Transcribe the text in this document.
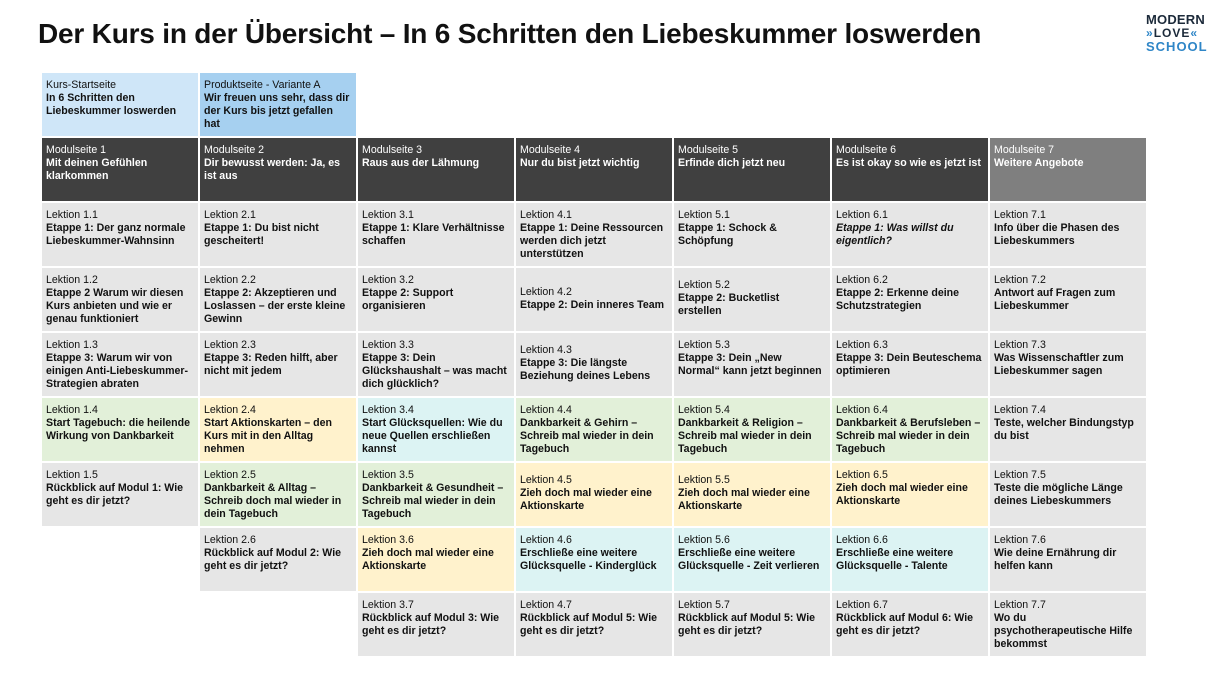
Der Kurs in der Übersicht – In 6 Schritten den Liebeskummer loswerden	MODERN
»LOVE«
SCHOOL
Kurs-Startseite
In 6 Schritten den Liebeskummer loswerden
Produktseite - Variante A
Wir freuen uns sehr, dass dir der Kurs bis jetzt gefallen hat
Modulseite 1
Mit deinen Gefühlen klarkommen
Lektion 1.1
Etappe 1: Der ganz normale Liebeskummer-Wahnsinn
Lektion 1.2
Etappe 2 Warum wir diesen Kurs anbieten und wie er genau funktioniert
Lektion 1.3
Etappe 3: Warum wir von einigen Anti-Liebeskummer-Strategien abraten
Lektion 1.4
Start Tagebuch: die heilende Wirkung von Dankbarkeit
Lektion 1.5
Rückblick auf Modul 1: Wie geht es dir jetzt?
Modulseite 2
Dir bewusst werden: Ja, es ist aus
Lektion 2.1
Etappe 1: Du bist nicht gescheitert!
Lektion 2.2
Etappe 2: Akzeptieren und Loslassen – der erste kleine Gewinn
Lektion 2.3
Etappe 3: Reden hilft, aber nicht mit jedem
Lektion 2.4
Start Aktionskarten – den Kurs mit in den Alltag nehmen
Lektion 2.5
Dankbarkeit & Alltag – Schreib doch mal wieder in dein Tagebuch
Lektion 2.6
Rückblick auf Modul 2: Wie geht es dir jetzt?
Modulseite 3
Raus aus der Lähmung
Lektion 3.1
Etappe 1: Klare Verhältnisse schaffen
Lektion 3.2
Etappe 2: Support organisieren
Lektion 3.3
Etappe 3: Dein Glückshaushalt – was macht dich glücklich?
Lektion 3.4
Start Glücksquellen: Wie du neue Quellen erschließen kannst
Lektion 3.5
Dankbarkeit & Gesundheit – Schreib mal wieder in dein Tagebuch
Lektion 3.6
Zieh doch mal wieder eine Aktionskarte
Lektion 3.7
Rückblick auf Modul 3: Wie geht es dir jetzt?
Modulseite 4
Nur du bist jetzt wichtig
Lektion 4.1
Etappe 1: Deine Ressourcen werden dich jetzt unterstützen
Lektion 4.2
Etappe 2: Dein inneres Team
Lektion 4.3
Etappe 3: Die längste Beziehung deines Lebens
Lektion 4.4
Dankbarkeit & Gehirn – Schreib mal wieder in dein Tagebuch
Lektion 4.5
Zieh doch mal wieder eine Aktionskarte
Lektion 4.6
Erschließe eine weitere Glücksquelle - Kinderglück
Lektion 4.7
Rückblick auf Modul 5: Wie geht es dir jetzt?
Modulseite 5
Erfinde dich jetzt neu
Lektion 5.1
Etappe 1: Schock & Schöpfung
Lektion 5.2
Etappe 2: Bucketlist erstellen
Lektion 5.3
Etappe 3: Dein „New Normal“ kann jetzt beginnen
Lektion 5.4
Dankbarkeit & Religion – Schreib mal wieder in dein Tagebuch
Lektion 5.5
Zieh doch mal wieder eine Aktionskarte
Lektion 5.6
Erschließe eine weitere Glücksquelle - Zeit verlieren
Lektion 5.7
Rückblick auf Modul 5: Wie geht es dir jetzt?
Modulseite 6
Es ist okay so wie es jetzt ist
Lektion 6.1
Etappe 1: Was willst du eigentlich?
Lektion 6.2
Etappe 2: Erkenne deine Schutzstrategien
Lektion 6.3
Etappe 3: Dein Beuteschema optimieren
Lektion 6.4
Dankbarkeit & Berufsleben – Schreib mal wieder in dein Tagebuch
Lektion 6.5
Zieh doch mal wieder eine Aktionskarte
Lektion 6.6
Erschließe eine weitere Glücksquelle - Talente
Lektion 6.7
Rückblick auf Modul 6: Wie geht es dir jetzt?
Modulseite 7
Weitere Angebote
Lektion 7.1
Info über die Phasen des Liebeskummers
Lektion 7.2
Antwort auf Fragen zum Liebeskummer
Lektion 7.3
Was Wissenschaftler zum Liebeskummer sagen
Lektion 7.4
Teste, welcher Bindungstyp du bist
Lektion 7.5
Teste die mögliche Länge deines Liebeskummers
Lektion 7.6
Wie deine Ernährung dir helfen kann
Lektion 7.7
Wo du psychotherapeutische Hilfe bekommst
